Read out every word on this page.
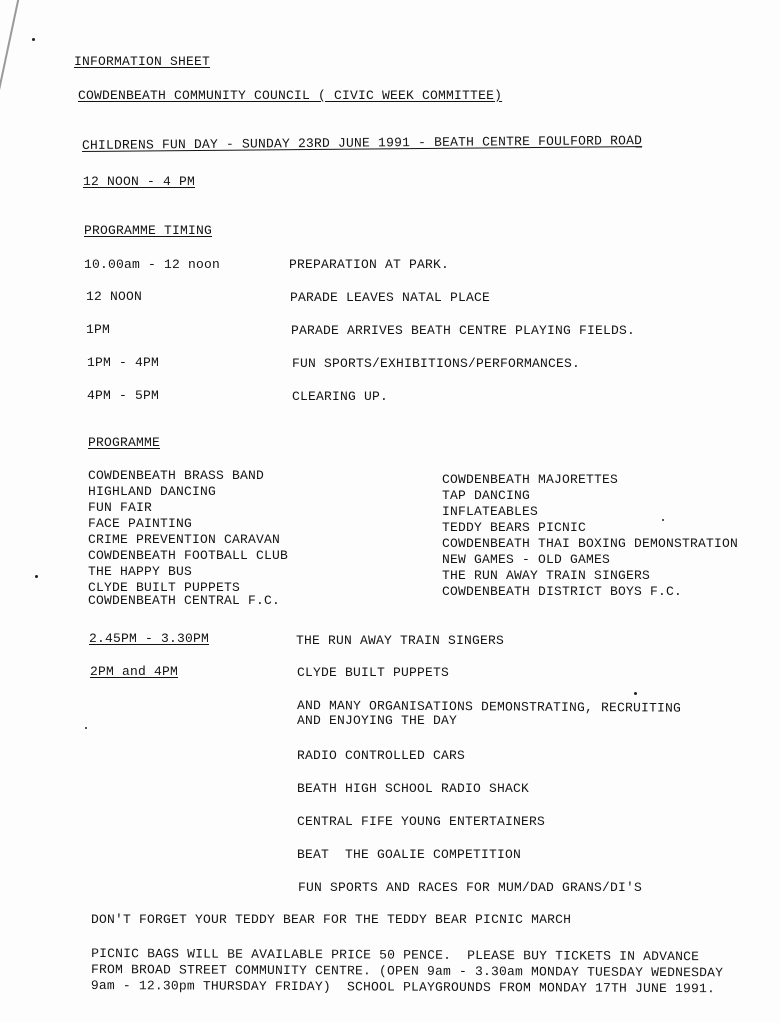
INFORMATION SHEET
COWDENBEATH COMMUNITY COUNCIL ( CIVIC WEEK COMMITTEE)
CHILDRENS FUN DAY - SUNDAY 23RD JUNE 1991 - BEATH CENTRE FOULFORD ROAD
12 NOON - 4 PM
PROGRAMME TIMING
10.00am - 12 noon	PREPARATION AT PARK.
12 NOON	PARADE LEAVES NATAL PLACE
1PM	PARADE ARRIVES BEATH CENTRE PLAYING FIELDS.
1PM - 4PM	FUN SPORTS/EXHIBITIONS/PERFORMANCES.
4PM - 5PM	CLEARING UP.
PROGRAMME
COWDENBEATH BRASS BAND
HIGHLAND DANCING
FUN FAIR
FACE PAINTING
CRIME PREVENTION CARAVAN
COWDENBEATH FOOTBALL CLUB
THE HAPPY BUS
CLYDE BUILT PUPPETS
COWDENBEATH CENTRAL F.C.
COWDENBEATH MAJORETTES
TAP DANCING
INFLATEABLES
TEDDY BEARS PICNIC
COWDENBEATH THAI BOXING DEMONSTRATION
NEW GAMES - OLD GAMES
THE RUN AWAY TRAIN SINGERS
COWDENBEATH DISTRICT BOYS F.C.
2.45PM - 3.30PM	THE RUN AWAY TRAIN SINGERS
2PM and 4PM	CLYDE BUILT PUPPETS
AND MANY ORGANISATIONS DEMONSTRATING, RECRUITING
AND ENJOYING THE DAY
RADIO CONTROLLED CARS
BEATH HIGH SCHOOL RADIO SHACK
CENTRAL FIFE YOUNG ENTERTAINERS
BEAT  THE GOALIE COMPETITION
FUN SPORTS AND RACES FOR MUM/DAD GRANS/DI'S
DON'T FORGET YOUR TEDDY BEAR FOR THE TEDDY BEAR PICNIC MARCH
PICNIC BAGS WILL BE AVAILABLE PRICE 50 PENCE.  PLEASE BUY TICKETS IN ADVANCE
FROM BROAD STREET COMMUNITY CENTRE. (OPEN 9am - 3.30am MONDAY TUESDAY WEDNESDAY
9am - 12.30pm THURSDAY FRIDAY)  SCHOOL PLAYGROUNDS FROM MONDAY 17TH JUNE 1991.
